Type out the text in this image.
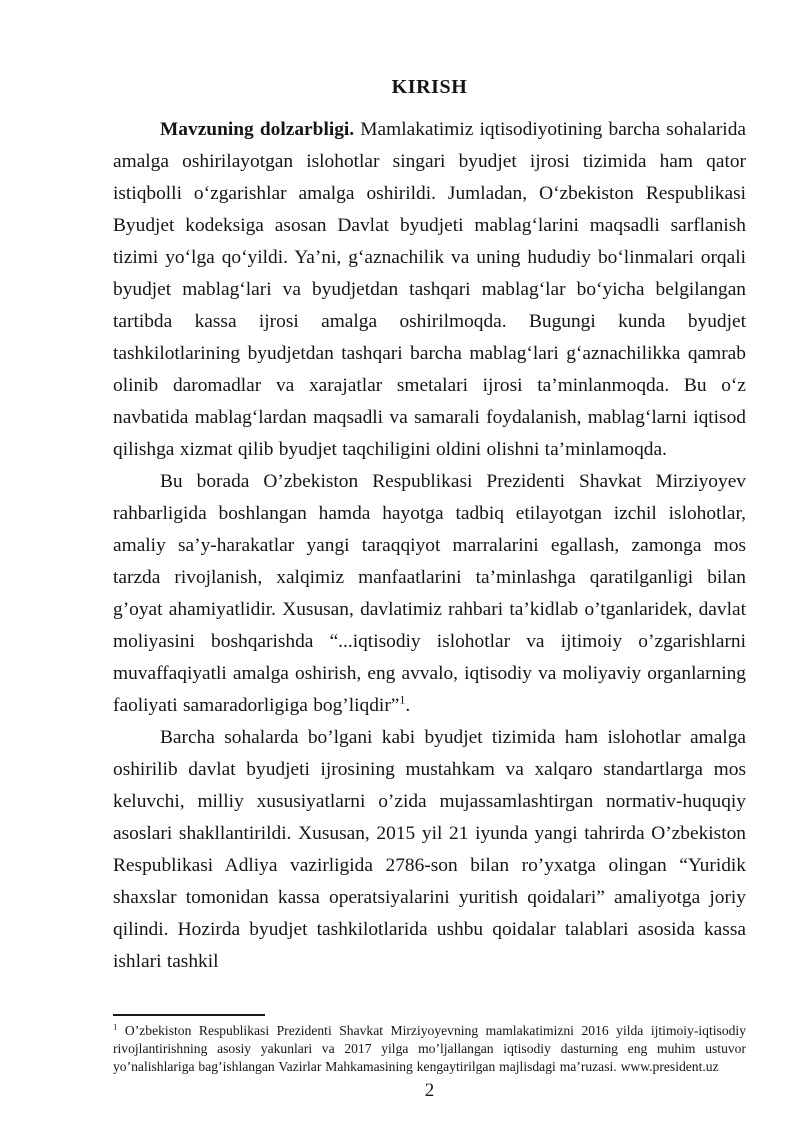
KIRISH

Mavzuning dolzarbligi. Mamlakatimiz iqtisodiyotining barcha sohalarida amalga oshirilayotgan islohotlar singari byudjet ijrosi tizimida ham qator istiqbolli o‘zgarishlar amalga oshirildi. Jumladan, O‘zbekiston Respublikasi Byudjet kodeksiga asosan Davlat byudjeti mablag‘larini maqsadli sarflanish tizimi yo‘lga qo‘yildi. Ya’ni, g‘aznachilik va uning hududiy bo‘linmalari orqali byudjet mablag‘lari va byudjetdan tashqari mablag‘lar bo‘yicha belgilangan tartibda kassa ijrosi amalga oshirilmoqda. Bugungi kunda byudjet tashkilotlarining byudjetdan tashqari barcha mablag‘lari g‘aznachilikka qamrab olinib daromadlar va xarajatlar smetalari ijrosi ta’minlanmoqda. Bu o‘z navbatida mablag‘lardan maqsadli va samarali foydalanish, mablag‘larni iqtisod qilishga xizmat qilib byudjet taqchiligini oldini olishni ta’minlamoqda.

Bu borada O’zbekiston Respublikasi Prezidenti Shavkat Mirziyoyev rahbarligida boshlangan hamda hayotga tadbiq etilayotgan izchil islohotlar, amaliy sa’y-harakatlar yangi taraqqiyot marralarini egallash, zamonga mos tarzda rivojlanish, xalqimiz manfaatlarini ta’minlashga qaratilganligi bilan g’oyat ahamiyatlidir. Xususan, davlatimiz rahbari ta’kidlab o’tganlaridek, davlat moliyasini boshqarishda “...iqtisodiy islohotlar va ijtimoiy o’zgarishlarni muvaffaqiyatli amalga oshirish, eng avvalo, iqtisodiy va moliyaviy organlarning faoliyati samaradorligiga bog’liqdir”$^1$.

Barcha sohalarda bo’lgani kabi byudjet tizimida ham islohotlar amalga oshirilib davlat byudjeti ijrosining mustahkam va xalqaro standartlarga mos keluvchi, milliy xususiyatlarni o’zida mujassamlashtirgan normativ-huquqiy asoslari shakllantirildi. Xususan, 2015 yil 21 iyunda yangi tahrirda O’zbekiston Respublikasi Adliya vazirligida 2786-son bilan ro’yxatga olingan “Yuridik shaxslar tomonidan kassa operatsiyalarini yuritish qoidalari” amaliyotga joriy qilindi. Hozirda byudjet tashkilotlarida ushbu qoidalar talablari asosida kassa ishlari tashkil

$^1$ O’zbekiston Respublikasi Prezidenti Shavkat Mirziyoyevning mamlakatimizni 2016 yilda ijtimoiy-iqtisodiy rivojlantirishning asosiy yakunlari va 2017 yilga mo’ljallangan iqtisodiy dasturning eng muhim ustuvor yo’nalishlariga bag’ishlangan Vazirlar Mahkamasining kengaytirilgan majlisdagi ma’ruzasi. www.president.uz

2
